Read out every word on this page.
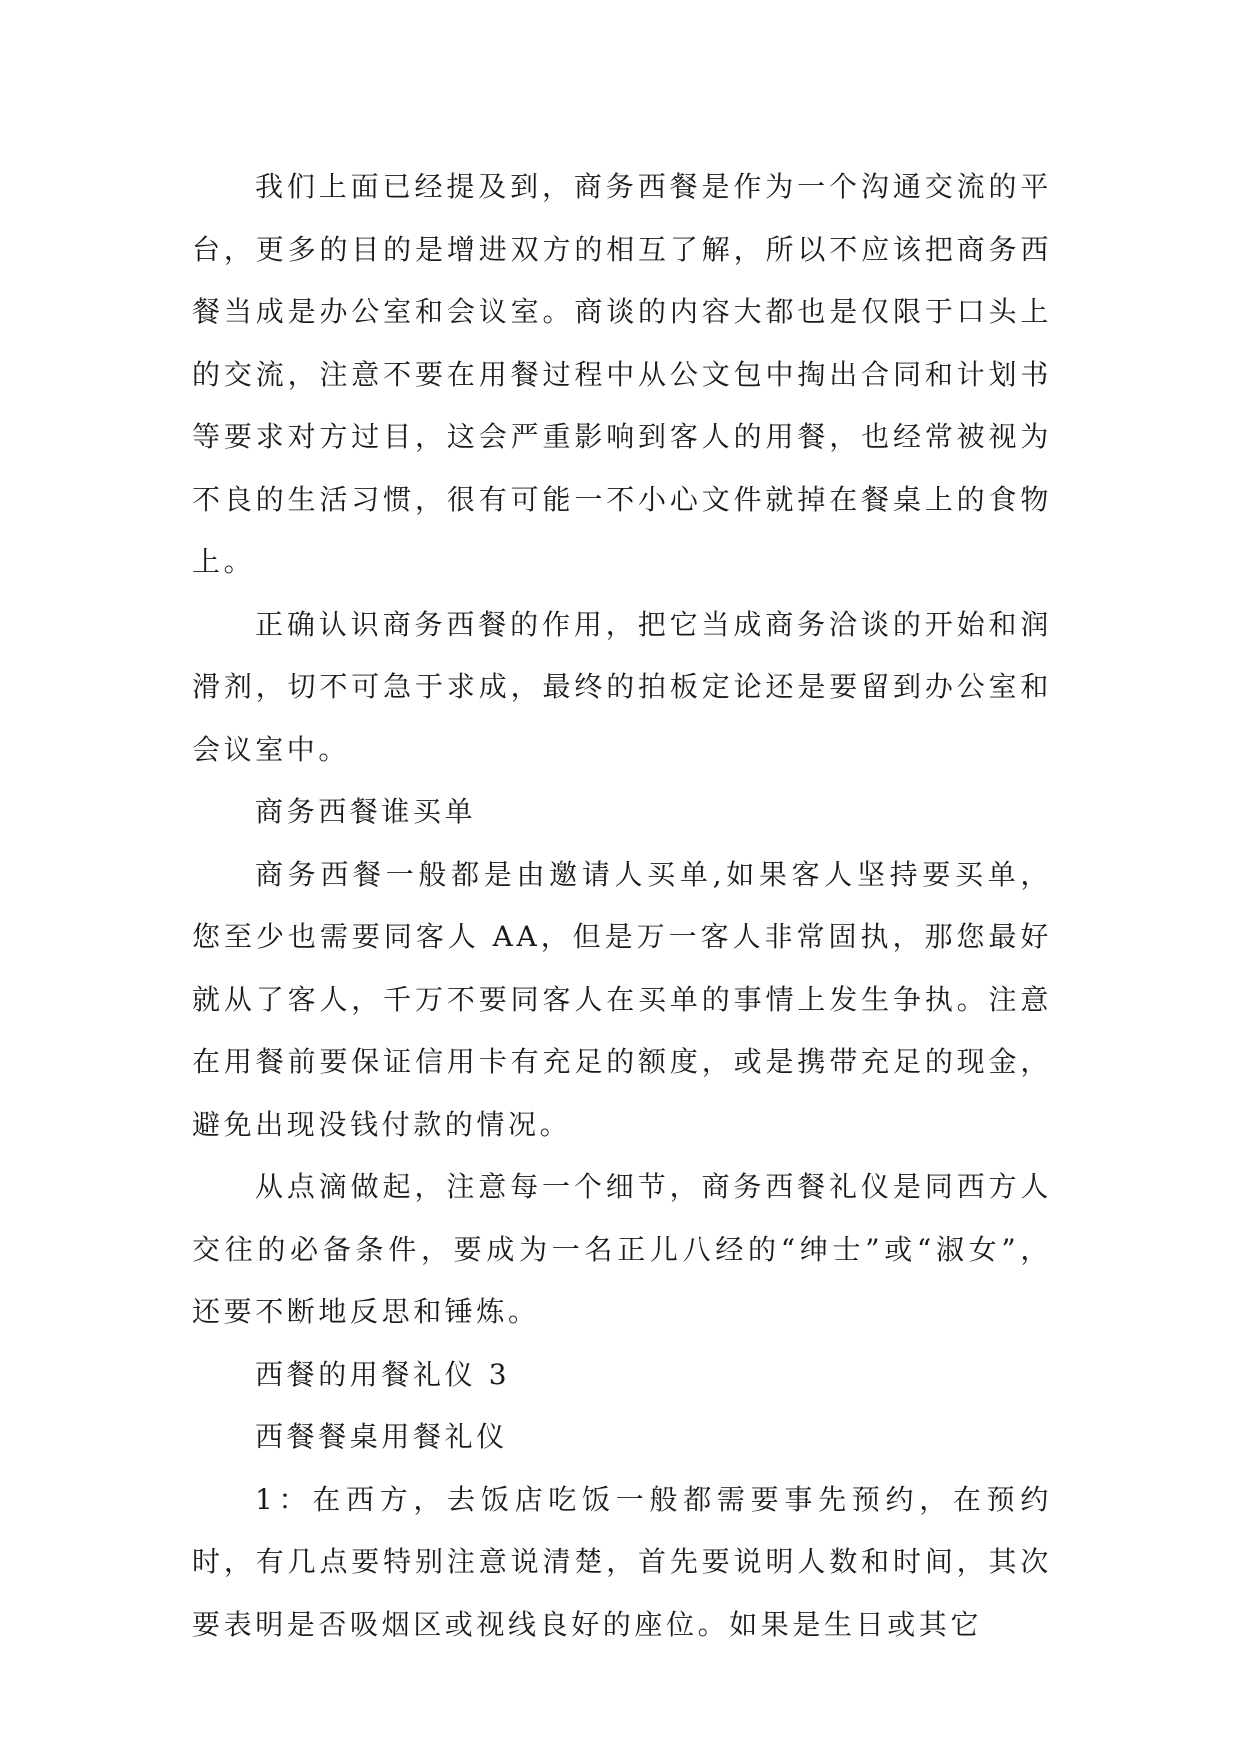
我们上面已经提及到，商务西餐是作为一个沟通交流的平台，更多的目的是增进双方的相互了解，所以不应该把商务西餐当成是办公室和会议室。商谈的内容大都也是仅限于口头上的交流，注意不要在用餐过程中从公文包中掏出合同和计划书等要求对方过目，这会严重影响到客人的用餐，也经常被视为不良的生活习惯，很有可能一不小心文件就掉在餐桌上的食物上。

正确认识商务西餐的作用，把它当成商务洽谈的开始和润滑剂，切不可急于求成，最终的拍板定论还是要留到办公室和会议室中。

商务西餐谁买单

商务西餐一般都是由邀请人买单,如果客人坚持要买单，您至少也需要同客人 AA，但是万一客人非常固执，那您最好就从了客人，千万不要同客人在买单的事情上发生争执。注意在用餐前要保证信用卡有充足的额度，或是携带充足的现金，避免出现没钱付款的情况。

从点滴做起，注意每一个细节，商务西餐礼仪是同西方人交往的必备条件，要成为一名正儿八经的“绅士”或“淑女”，还要不断地反思和锤炼。

西餐的用餐礼仪 3

西餐餐桌用餐礼仪

1：在西方，去饭店吃饭一般都需要事先预约，在预约时，有几点要特别注意说清楚，首先要说明人数和时间，其次要表明是否吸烟区或视线良好的座位。如果是生日或其它
